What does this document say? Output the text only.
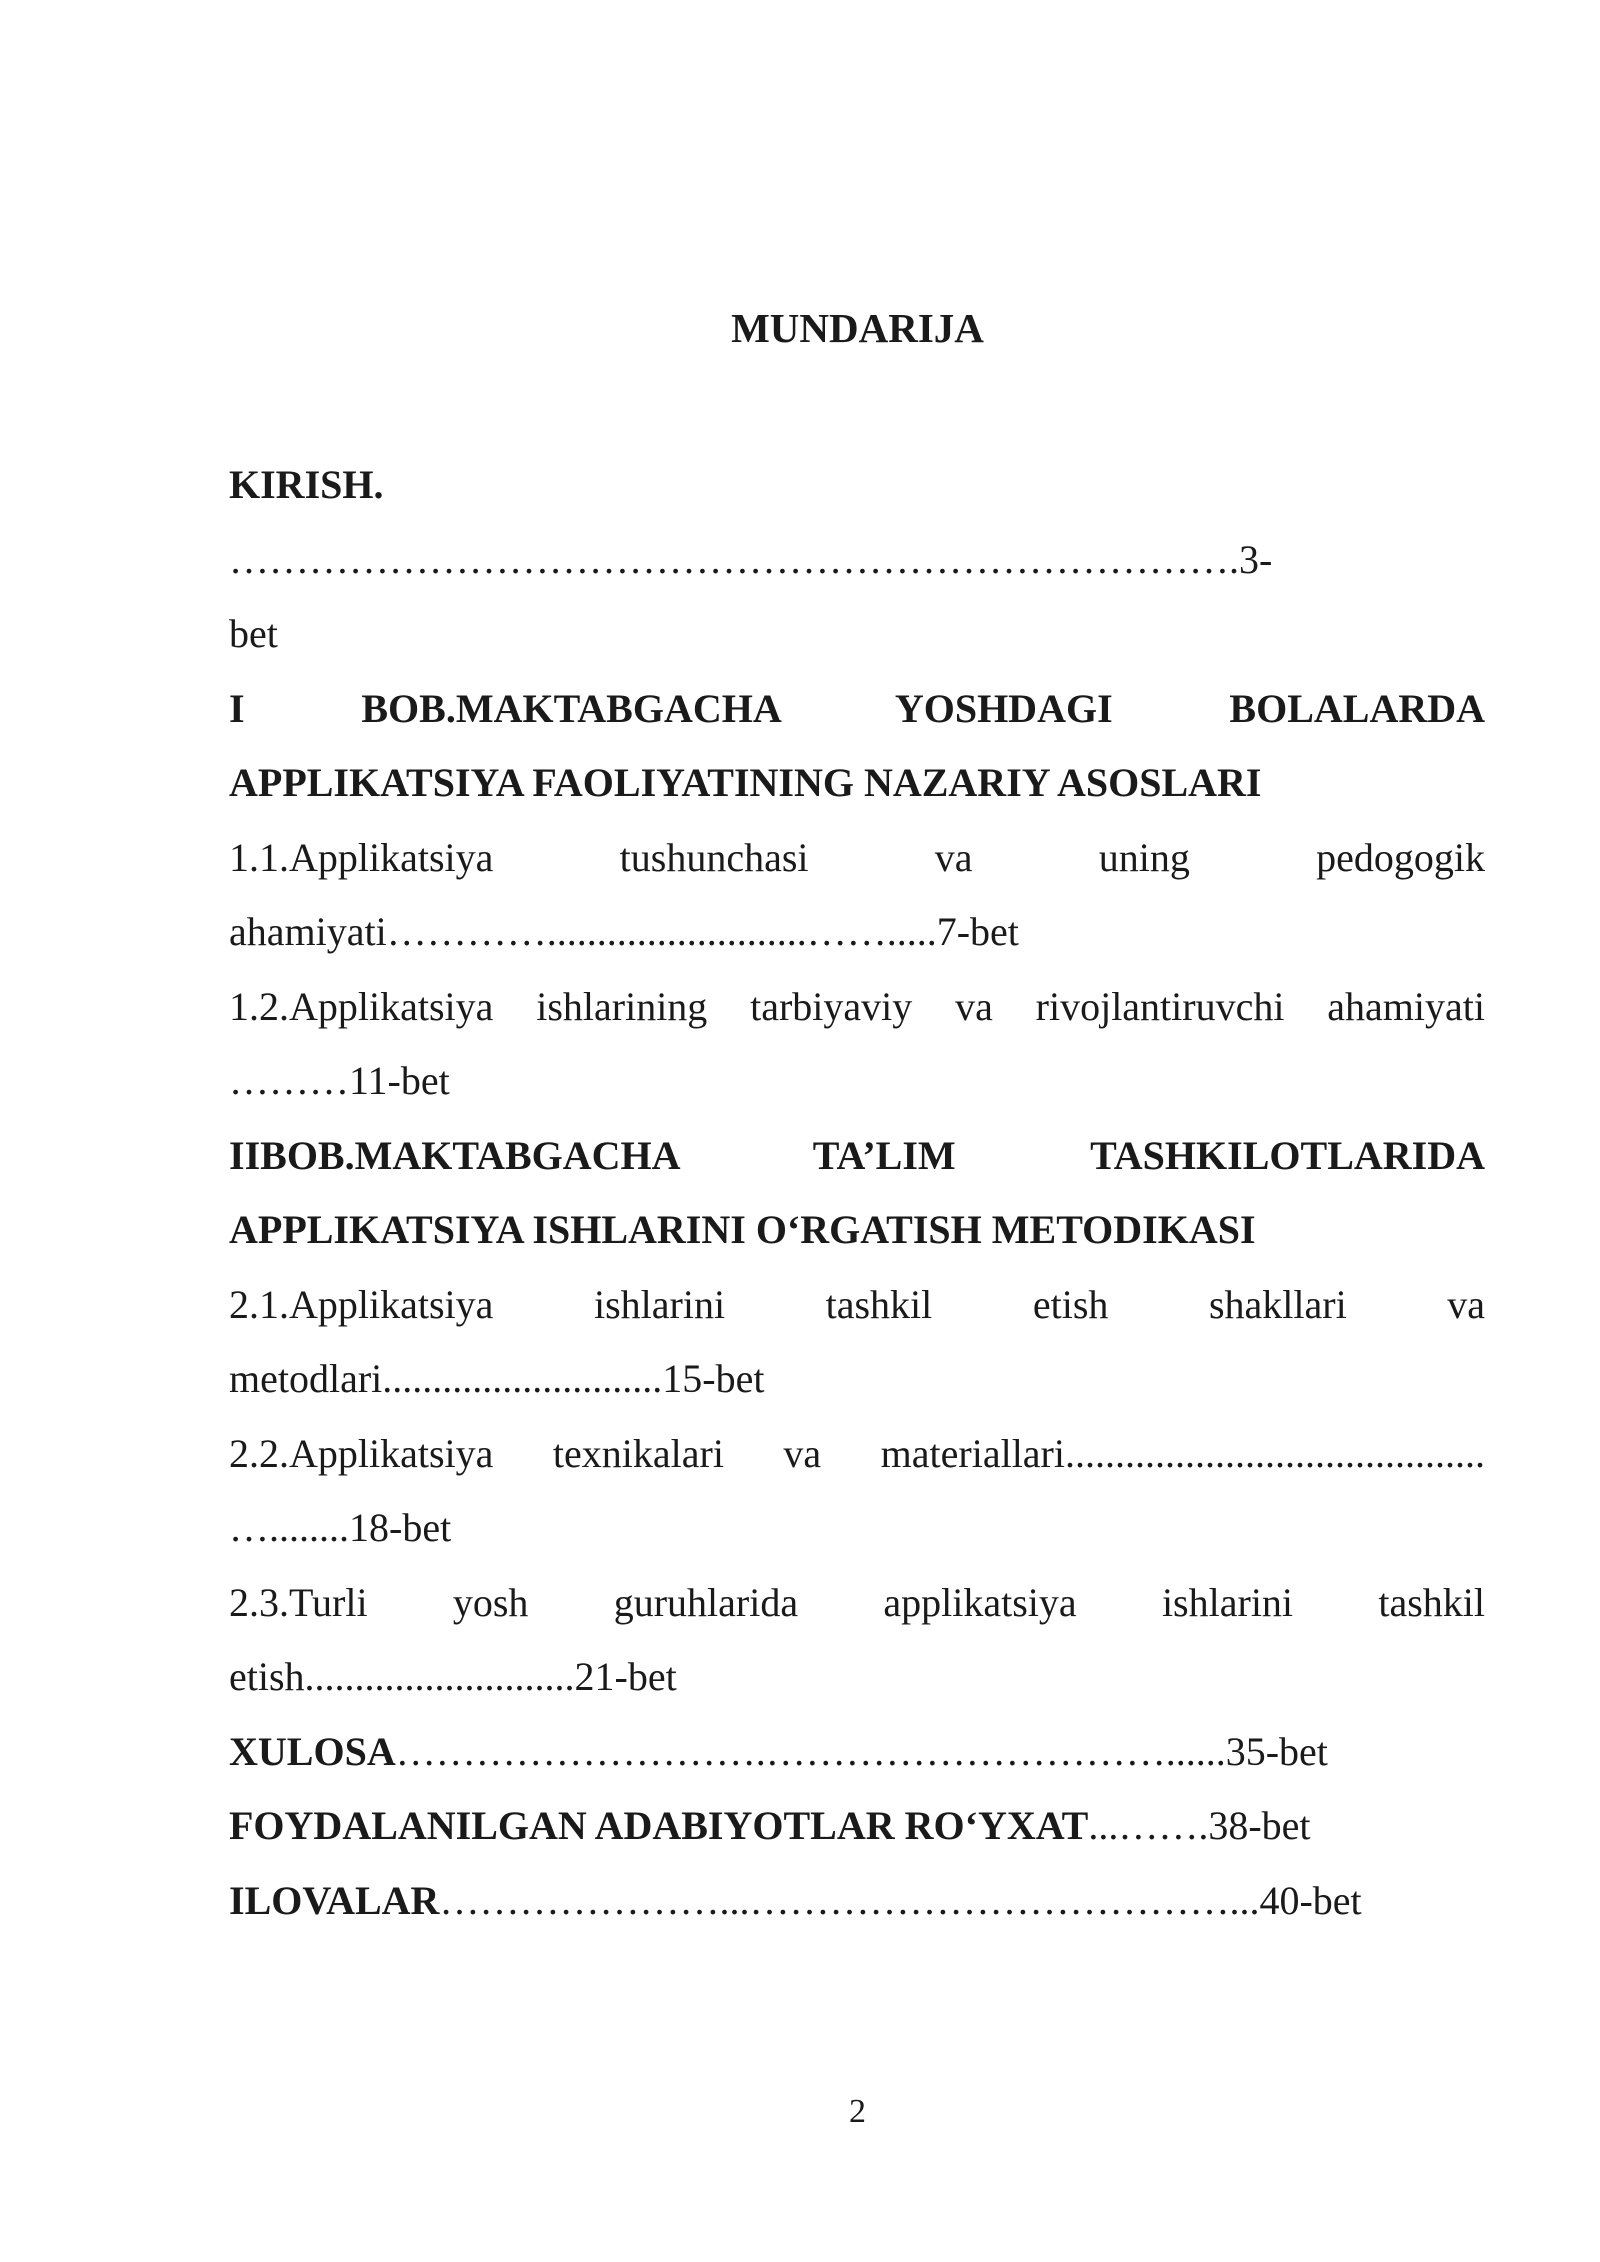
MUNDARIJA

KIRISH.

………………………………………………………………….3-

bet

I BOB.MAKTABGACHA YOSHDAGI BOLALARDA

APPLIKATSIYA FAOLIYATINING NAZARIY ASOSLARI

1.1.Applikatsiya tushunchasi va uning pedogogik

ahamiyati…………..........................…….....7-bet

1.2.Applikatsiya ishlarining tarbiyaviy va rivojlantiruvchi ahamiyati

………11-bet

IIBOB.MAKTABGACHA TA’LIM TASHKILOTLARIDA

APPLIKATSIYA ISHLARINI O‘RGATISH METODIKASI

2.1.Applikatsiya ishlarini tashkil etish shakllari va

metodlari............................15-bet

2.2.Applikatsiya texnikalari va materiallari..........................................

…........18-bet

2.3.Turli yosh guruhlarida applikatsiya ishlarini tashkil

etish...........................21-bet

XULOSA……………………….…………………………......35-bet

FOYDALANILGAN ADABIYOTLAR RO‘YXAT...…….38-bet

ILOVALAR…………………...………………………………...40-bet

2
